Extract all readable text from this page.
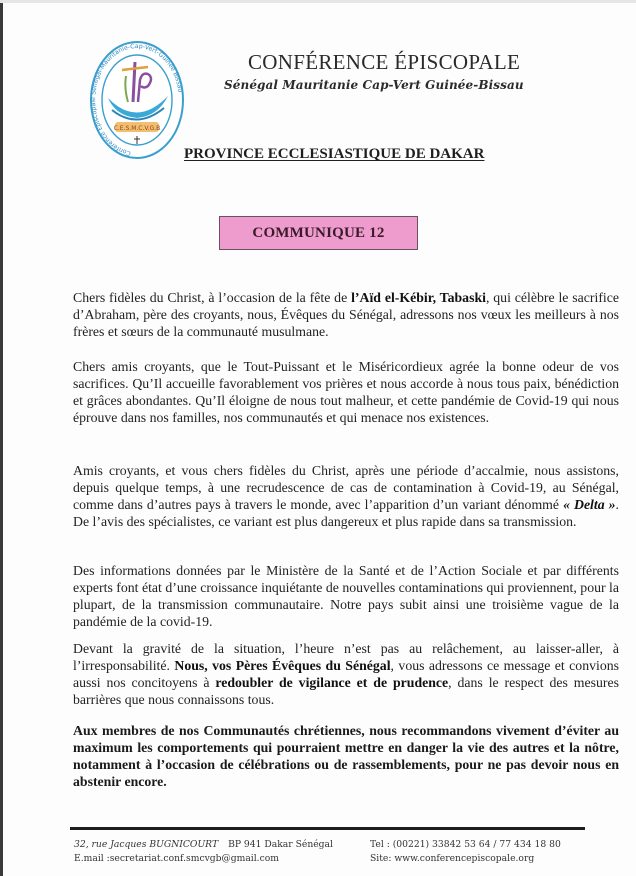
Conférence Episcopale Sénégal-Mauritanie-Cap-Vert-Guinée Bissau
C.E.S.M.C.V.G.B
CONFÉRENCE ÉPISCOPALE
Sénégal Mauritanie Cap-Vert Guinée-Bissau
PROVINCE ECCLESIASTIQUE DE DAKAR
COMMUNIQUE 12
Chers fidèles du Christ, à l’occasion de la fête de l’Aïd el-Kébir, Tabaski, qui célèbre le sacrifice d’Abraham, père des croyants, nous, Évêques du Sénégal, adressons nos vœux les meilleurs à nos frères et sœurs de la communauté musulmane.
Chers amis croyants, que le Tout-Puissant et le Miséricordieux agrée la bonne odeur de vos sacrifices. Qu’Il accueille favorablement vos prières et nous accorde à nous tous paix, bénédiction et grâces abondantes. Qu’Il éloigne de nous tout malheur, et cette pandémie de Covid-19 qui nous éprouve dans nos familles, nos communautés et qui menace nos existences.
Amis croyants, et vous chers fidèles du Christ, après une période d’accalmie, nous assistons, depuis quelque temps, à une recrudescence de cas de contamination à Covid-19, au Sénégal, comme dans d’autres pays à travers le monde, avec l’apparition d’un variant dénommé « Delta ». De l’avis des spécialistes, ce variant est plus dangereux et plus rapide dans sa transmission.
Des informations données par le Ministère de la Santé et de l’Action Sociale et par différents experts font état d’une croissance inquiétante de nouvelles contaminations qui proviennent, pour la plupart, de la transmission communautaire. Notre pays subit ainsi une troisième vague de la pandémie de la covid-19.
Devant la gravité de la situation, l’heure n’est pas au relâchement, au laisser-aller, à l’irresponsabilité. Nous, vos Pères Évêques du Sénégal, vous adressons ce message et convions aussi nos concitoyens à redoubler de vigilance et de prudence, dans le respect des mesures barrières que nous connaissons tous.
Aux membres de nos Communautés chrétiennes, nous recommandons vivement d’éviter au maximum les comportements qui pourraient mettre en danger la vie des autres et la nôtre, notamment à l’occasion de célébrations ou de rassemblements, pour ne pas devoir nous en abstenir encore.
32, rue Jacques BUGNICOURT BP 941 Dakar Sénégal
E.mail :secretariat.conf.smcvgb@gmail.com
Tel : (00221) 33842 53 64 / 77 434 18 80
Site: www.conferencepiscopale.org
